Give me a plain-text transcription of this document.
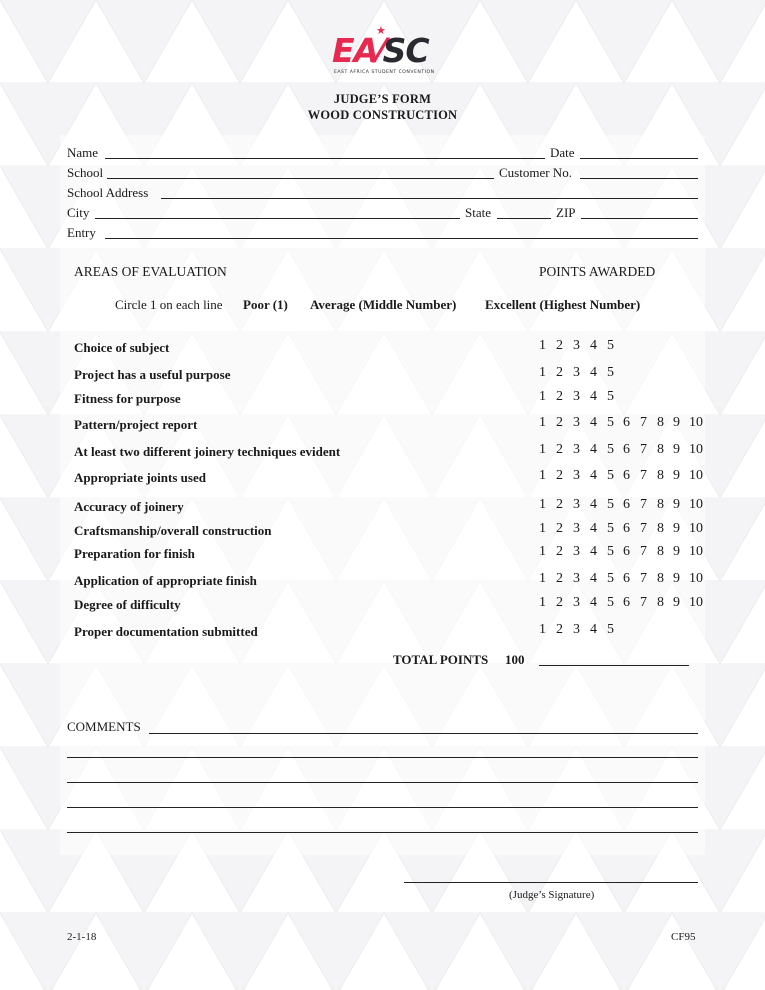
★
EA⁄SC
EAST AFRICA STUDENT CONVENTION
JUDGE’S FORM
WOOD CONSTRUCTION
Name	Date
School	Customer No.
School Address
City	State	ZIP
Entry
AREAS OF EVALUATION	POINTS AWARDED
Circle 1 on each line Poor (1) Average (Middle Number) Excellent (Highest Number)
Choice of subject	1 2 3 4 5
Project has a useful purpose	1 2 3 4 5
Fitness for purpose	1 2 3 4 5
Pattern/project report	1 2 3 4 5 6 7 8 9 10
At least two different joinery techniques evident	1 2 3 4 5 6 7 8 9 10
Appropriate joints used	1 2 3 4 5 6 7 8 9 10
Accuracy of joinery	1 2 3 4 5 6 7 8 9 10
Craftsmanship/overall construction	1 2 3 4 5 6 7 8 9 10
Preparation for finish	1 2 3 4 5 6 7 8 9 10
Application of appropriate finish	1 2 3 4 5 6 7 8 9 10
Degree of difficulty	1 2 3 4 5 6 7 8 9 10
Proper documentation submitted	1 2 3 4 5
TOTAL POINTS 100
COMMENTS
(Judge’s Signature)
2-1-18	CF95
